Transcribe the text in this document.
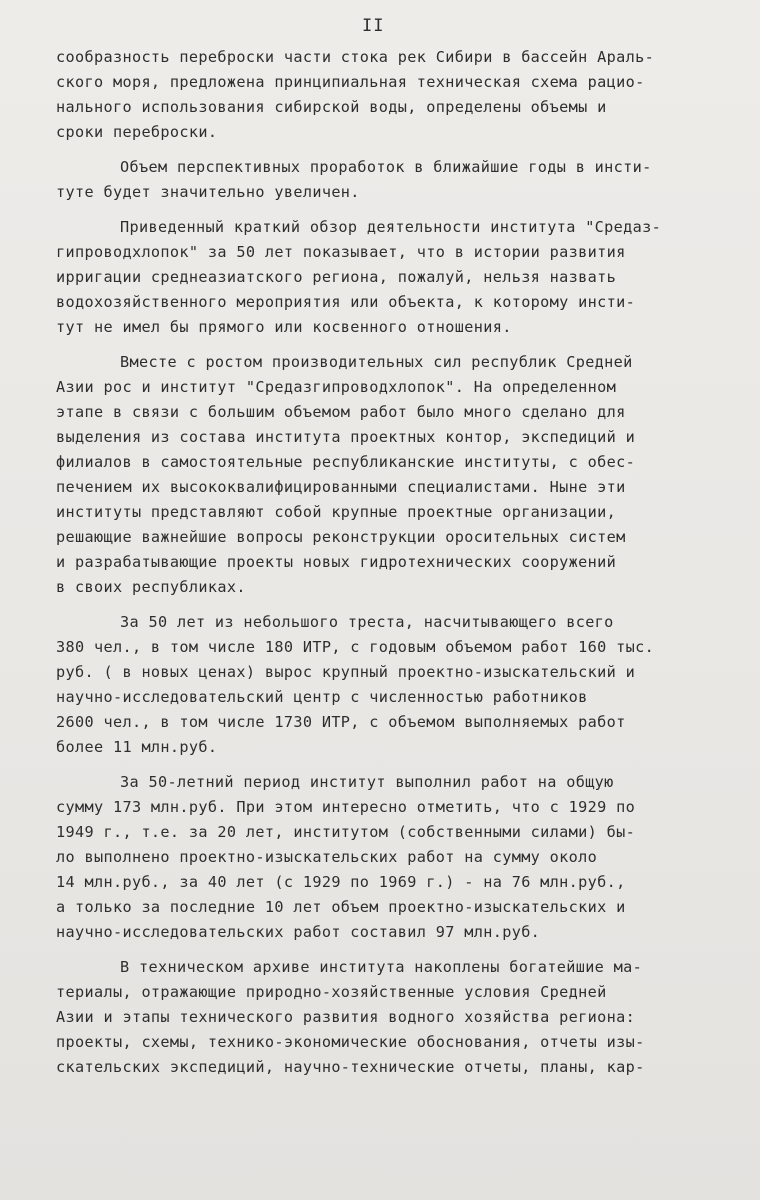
II
сообразность переброски части стока рек Сибири в бассейн Араль-
ского моря, предложена принципиальная техническая схема рацио-
нального использования сибирской воды, определены объемы и
сроки переброски.
Объем перспективных проработок в ближайшие годы в инсти-
туте будет значительно увеличен.
Приведенный краткий обзор деятельности института "Средаз-
гипроводхлопок" за 50 лет показывает, что в истории развития
ирригации среднеазиатского региона, пожалуй, нельзя назвать
водохозяйственного мероприятия или объекта, к которому инсти-
тут не имел бы прямого или косвенного отношения.
Вместе с ростом производительных сил республик Средней
Азии рос и институт "Средазгипроводхлопок". На определенном
этапе в связи с большим объемом работ было много сделано для
выделения из состава института проектных контор, экспедиций и
филиалов в самостоятельные республиканские институты, с обес-
печением их высококвалифицированными специалистами. Ныне эти
институты представляют собой крупные проектные организации,
решающие важнейшие вопросы реконструкции оросительных систем
и разрабатывающие проекты новых гидротехнических сооружений
в своих республиках.
За 50 лет из небольшого треста, насчитывающего всего
380 чел., в том числе 180 ИТР, с годовым объемом работ 160 тыс.
руб. ( в новых ценах) вырос крупный проектно-изыскательский и
научно-исследовательский центр с численностью работников
2600 чел., в том числе 1730 ИТР, с объемом выполняемых работ
более 11 млн.руб.
За 50-летний период институт выполнил работ на общую
сумму 173 млн.руб. При этом интересно отметить, что с 1929 по
1949 г., т.е. за 20 лет, институтом (собственными силами) бы-
ло выполнено проектно-изыскательских работ на сумму около
14 млн.руб., за 40 лет (с 1929 по 1969 г.) - на 76 млн.руб.,
а только за последние 10 лет объем проектно-изыскательских и
научно-исследовательских работ составил 97 млн.руб.
В техническом архиве института накоплены богатейшие ма-
териалы, отражающие природно-хозяйственные условия Средней
Азии и этапы технического развития водного хозяйства региона:
проекты, схемы, технико-экономические обоснования, отчеты изы-
скательских экспедиций, научно-технические отчеты, планы, кар-
